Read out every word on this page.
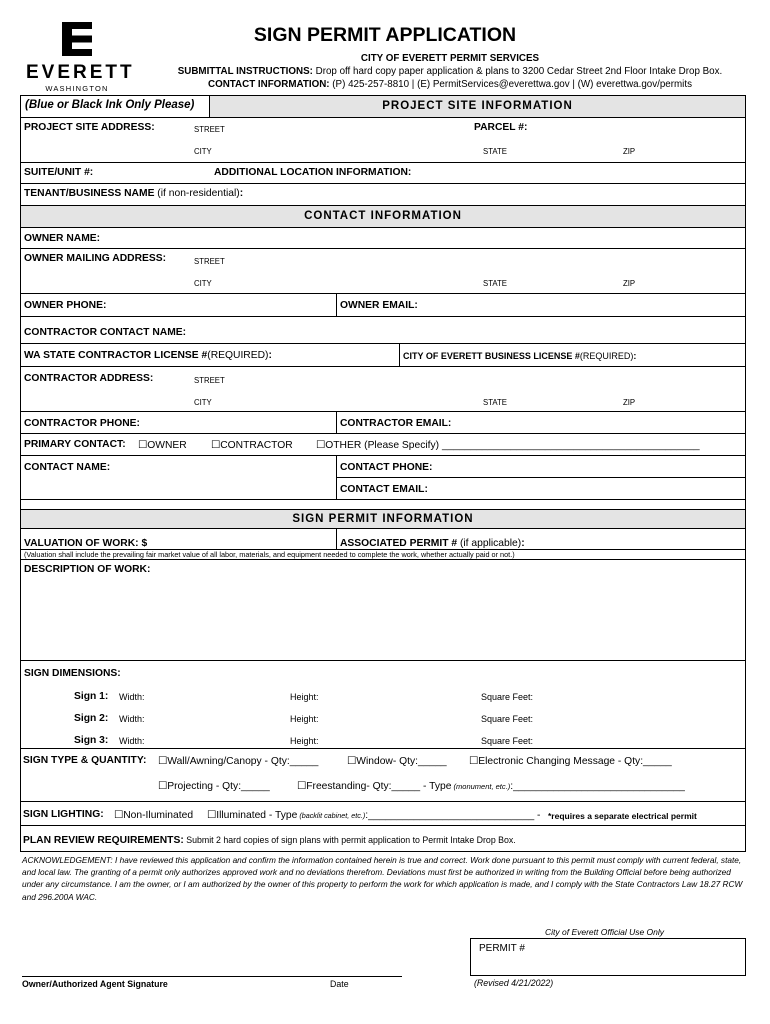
EVERETT
WASHINGTON
SIGN PERMIT APPLICATION
CITY OF EVERETT PERMIT SERVICES
SUBMITTAL INSTRUCTIONS: Drop off hard copy paper application & plans to 3200 Cedar Street 2nd Floor Intake Drop Box.
CONTACT INFORMATION: (P) 425-257-8810 | (E) PermitServices@everettwa.gov | (W) everettwa.gov/permits
(Blue or Black Ink Only Please)	PROJECT SITE INFORMATION
PROJECT SITE ADDRESS:	STREET	PARCEL #:
CITY	STATE	ZIP
SUITE/UNIT #:	ADDITIONAL LOCATION INFORMATION:
TENANT/BUSINESS NAME (if non-residential):
CONTACT INFORMATION
OWNER NAME:
OWNER MAILING ADDRESS:	STREET
CITY	STATE	ZIP
OWNER PHONE:	OWNER EMAIL:
CONTRACTOR CONTACT NAME:
WA STATE CONTRACTOR LICENSE #(REQUIRED):	CITY OF EVERETT BUSINESS LICENSE #(REQUIRED):
CONTRACTOR ADDRESS:	STREET
CITY	STATE	ZIP
CONTRACTOR PHONE:	CONTRACTOR EMAIL:
PRIMARY CONTACT: ☐OWNER ☐CONTRACTOR ☐OTHER (Please Specify) _____________________________________________
CONTACT NAME:	CONTACT PHONE:
CONTACT EMAIL:
SIGN PERMIT INFORMATION
VALUATION OF WORK: $	ASSOCIATED PERMIT # (if applicable):
(Valuation shall include the prevailing fair market value of all labor, materials, and equipment needed to complete the work, whether actually paid or not.)
DESCRIPTION OF WORK:
SIGN DIMENSIONS:
Sign 1: Width:	Height:	Square Feet:
Sign 2: Width:	Height:	Square Feet:
Sign 3: Width:	Height:	Square Feet:
SIGN TYPE & QUANTITY: ☐Wall/Awning/Canopy - Qty:_____	☐Window- Qty:_____ ☐Electronic Changing Message - Qty:_____
☐Projecting - Qty:_____	☐Freestanding- Qty:_____ - Type (monument, etc.):______________________________
SIGN LIGHTING: ☐Non-Iluminated ☐Illuminated - Type (backlit cabinet, etc.):_____________________________ - *requires a separate electrical permit
PLAN REVIEW REQUIREMENTS: Submit 2 hard copies of sign plans with permit application to Permit Intake Drop Box.
ACKNOWLEDGEMENT: I have reviewed this application and confirm the information contained herein is true and correct. Work done pursuant to this permit must comply with current federal, state, and local law. The granting of a permit only authorizes approved work and no deviations therefrom. Deviations must first be authorized in writing from the Building Official before being authorized under any circumstance. I am the owner, or I am authorized by the owner of this property to perform the work for which application is made, and I comply with the State Contractors Law 18.27 RCW and 296.200A WAC.
City of Everett Official Use Only
PERMIT #
Owner/Authorized Agent Signature	Date	(Revised 4/21/2022)
